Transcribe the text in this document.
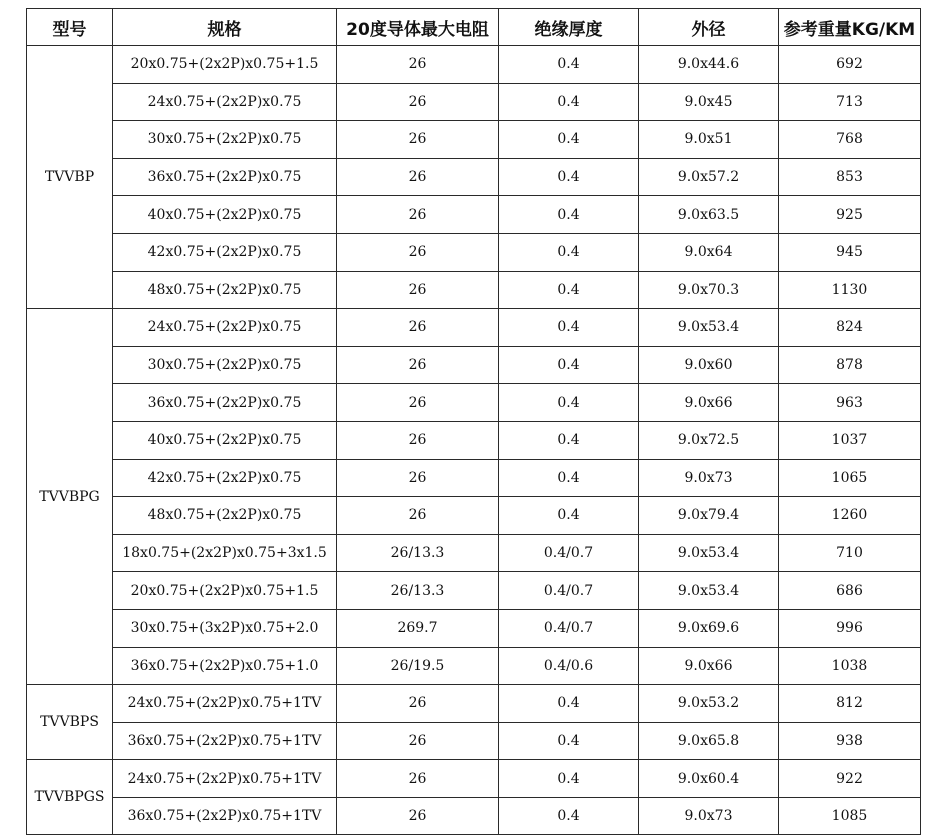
型号	规格	20度导体最大电阻	绝缘厚度	外径	参考重量KG/KM
TVVBP	20x0.75+(2x2P)x0.75+1.5	26	0.4	9.0x44.6	692
	24x0.75+(2x2P)x0.75	26	0.4	9.0x45	713
	30x0.75+(2x2P)x0.75	26	0.4	9.0x51	768
	36x0.75+(2x2P)x0.75	26	0.4	9.0x57.2	853
	40x0.75+(2x2P)x0.75	26	0.4	9.0x63.5	925
	42x0.75+(2x2P)x0.75	26	0.4	9.0x64	945
	48x0.75+(2x2P)x0.75	26	0.4	9.0x70.3	1130
TVVBPG	24x0.75+(2x2P)x0.75	26	0.4	9.0x53.4	824
	30x0.75+(2x2P)x0.75	26	0.4	9.0x60	878
	36x0.75+(2x2P)x0.75	26	0.4	9.0x66	963
	40x0.75+(2x2P)x0.75	26	0.4	9.0x72.5	1037
	42x0.75+(2x2P)x0.75	26	0.4	9.0x73	1065
	48x0.75+(2x2P)x0.75	26	0.4	9.0x79.4	1260
	18x0.75+(2x2P)x0.75+3x1.5	26/13.3	0.4/0.7	9.0x53.4	710
	20x0.75+(2x2P)x0.75+1.5	26/13.3	0.4/0.7	9.0x53.4	686
	30x0.75+(3x2P)x0.75+2.0	269.7	0.4/0.7	9.0x69.6	996
	36x0.75+(2x2P)x0.75+1.0	26/19.5	0.4/0.6	9.0x66	1038
TVVBPS	24x0.75+(2x2P)x0.75+1TV	26	0.4	9.0x53.2	812
	36x0.75+(2x2P)x0.75+1TV	26	0.4	9.0x65.8	938
TVVBPGS	24x0.75+(2x2P)x0.75+1TV	26	0.4	9.0x60.4	922
	36x0.75+(2x2P)x0.75+1TV	26	0.4	9.0x73	1085
